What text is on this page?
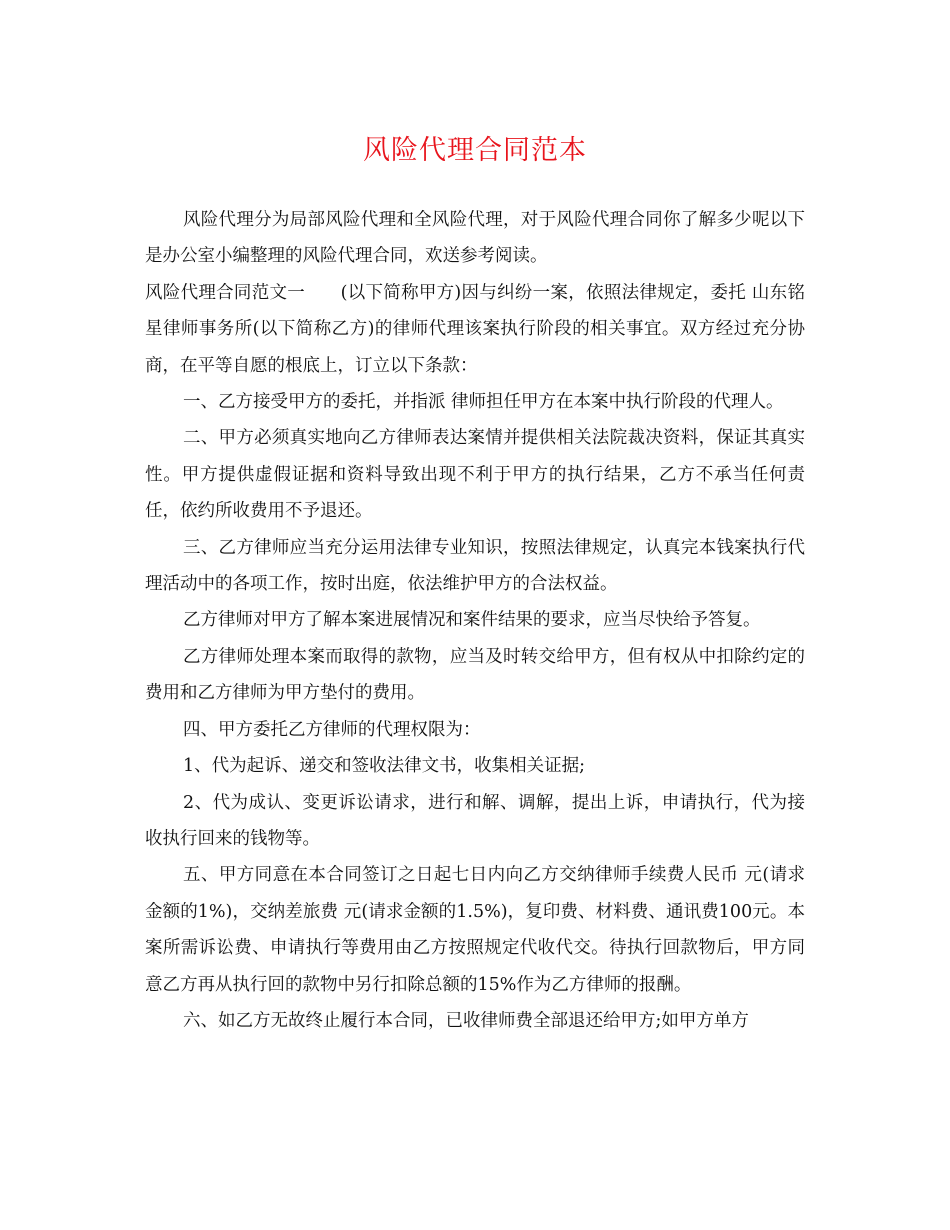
风险代理合同范本

风险代理分为局部风险代理和全风险代理，对于风险代理合同你了解多少呢以下是办公室小编整理的风险代理合同，欢送参考阅读。

风险代理合同范文一　　(以下简称甲方)因与纠纷一案，依照法律规定，委托 山东铭星律师事务所(以下简称乙方)的律师代理该案执行阶段的相关事宜。双方经过充分协商，在平等自愿的根底上，订立以下条款：

一、乙方接受甲方的委托，并指派 律师担任甲方在本案中执行阶段的代理人。

二、甲方必须真实地向乙方律师表达案情并提供相关法院裁决资料，保证其真实性。甲方提供虚假证据和资料导致出现不利于甲方的执行结果，乙方不承当任何责任，依约所收费用不予退还。

三、乙方律师应当充分运用法律专业知识，按照法律规定，认真完本钱案执行代理活动中的各项工作，按时出庭，依法维护甲方的合法权益。

乙方律师对甲方了解本案进展情况和案件结果的要求，应当尽快给予答复。

乙方律师处理本案而取得的款物，应当及时转交给甲方，但有权从中扣除约定的费用和乙方律师为甲方垫付的费用。

四、甲方委托乙方律师的代理权限为：

1、代为起诉、递交和签收法律文书，收集相关证据;

2、代为成认、变更诉讼请求，进行和解、调解，提出上诉，申请执行，代为接收执行回来的钱物等。

五、甲方同意在本合同签订之日起七日内向乙方交纳律师手续费人民币 元(请求金额的1%)，交纳差旅费 元(请求金额的1.5%)，复印费、材料费、通讯费100元。本案所需诉讼费、申请执行等费用由乙方按照规定代收代交。待执行回款物后，甲方同意乙方再从执行回的款物中另行扣除总额的15%作为乙方律师的报酬。

六、如乙方无故终止履行本合同，已收律师费全部退还给甲方;如甲方单方
